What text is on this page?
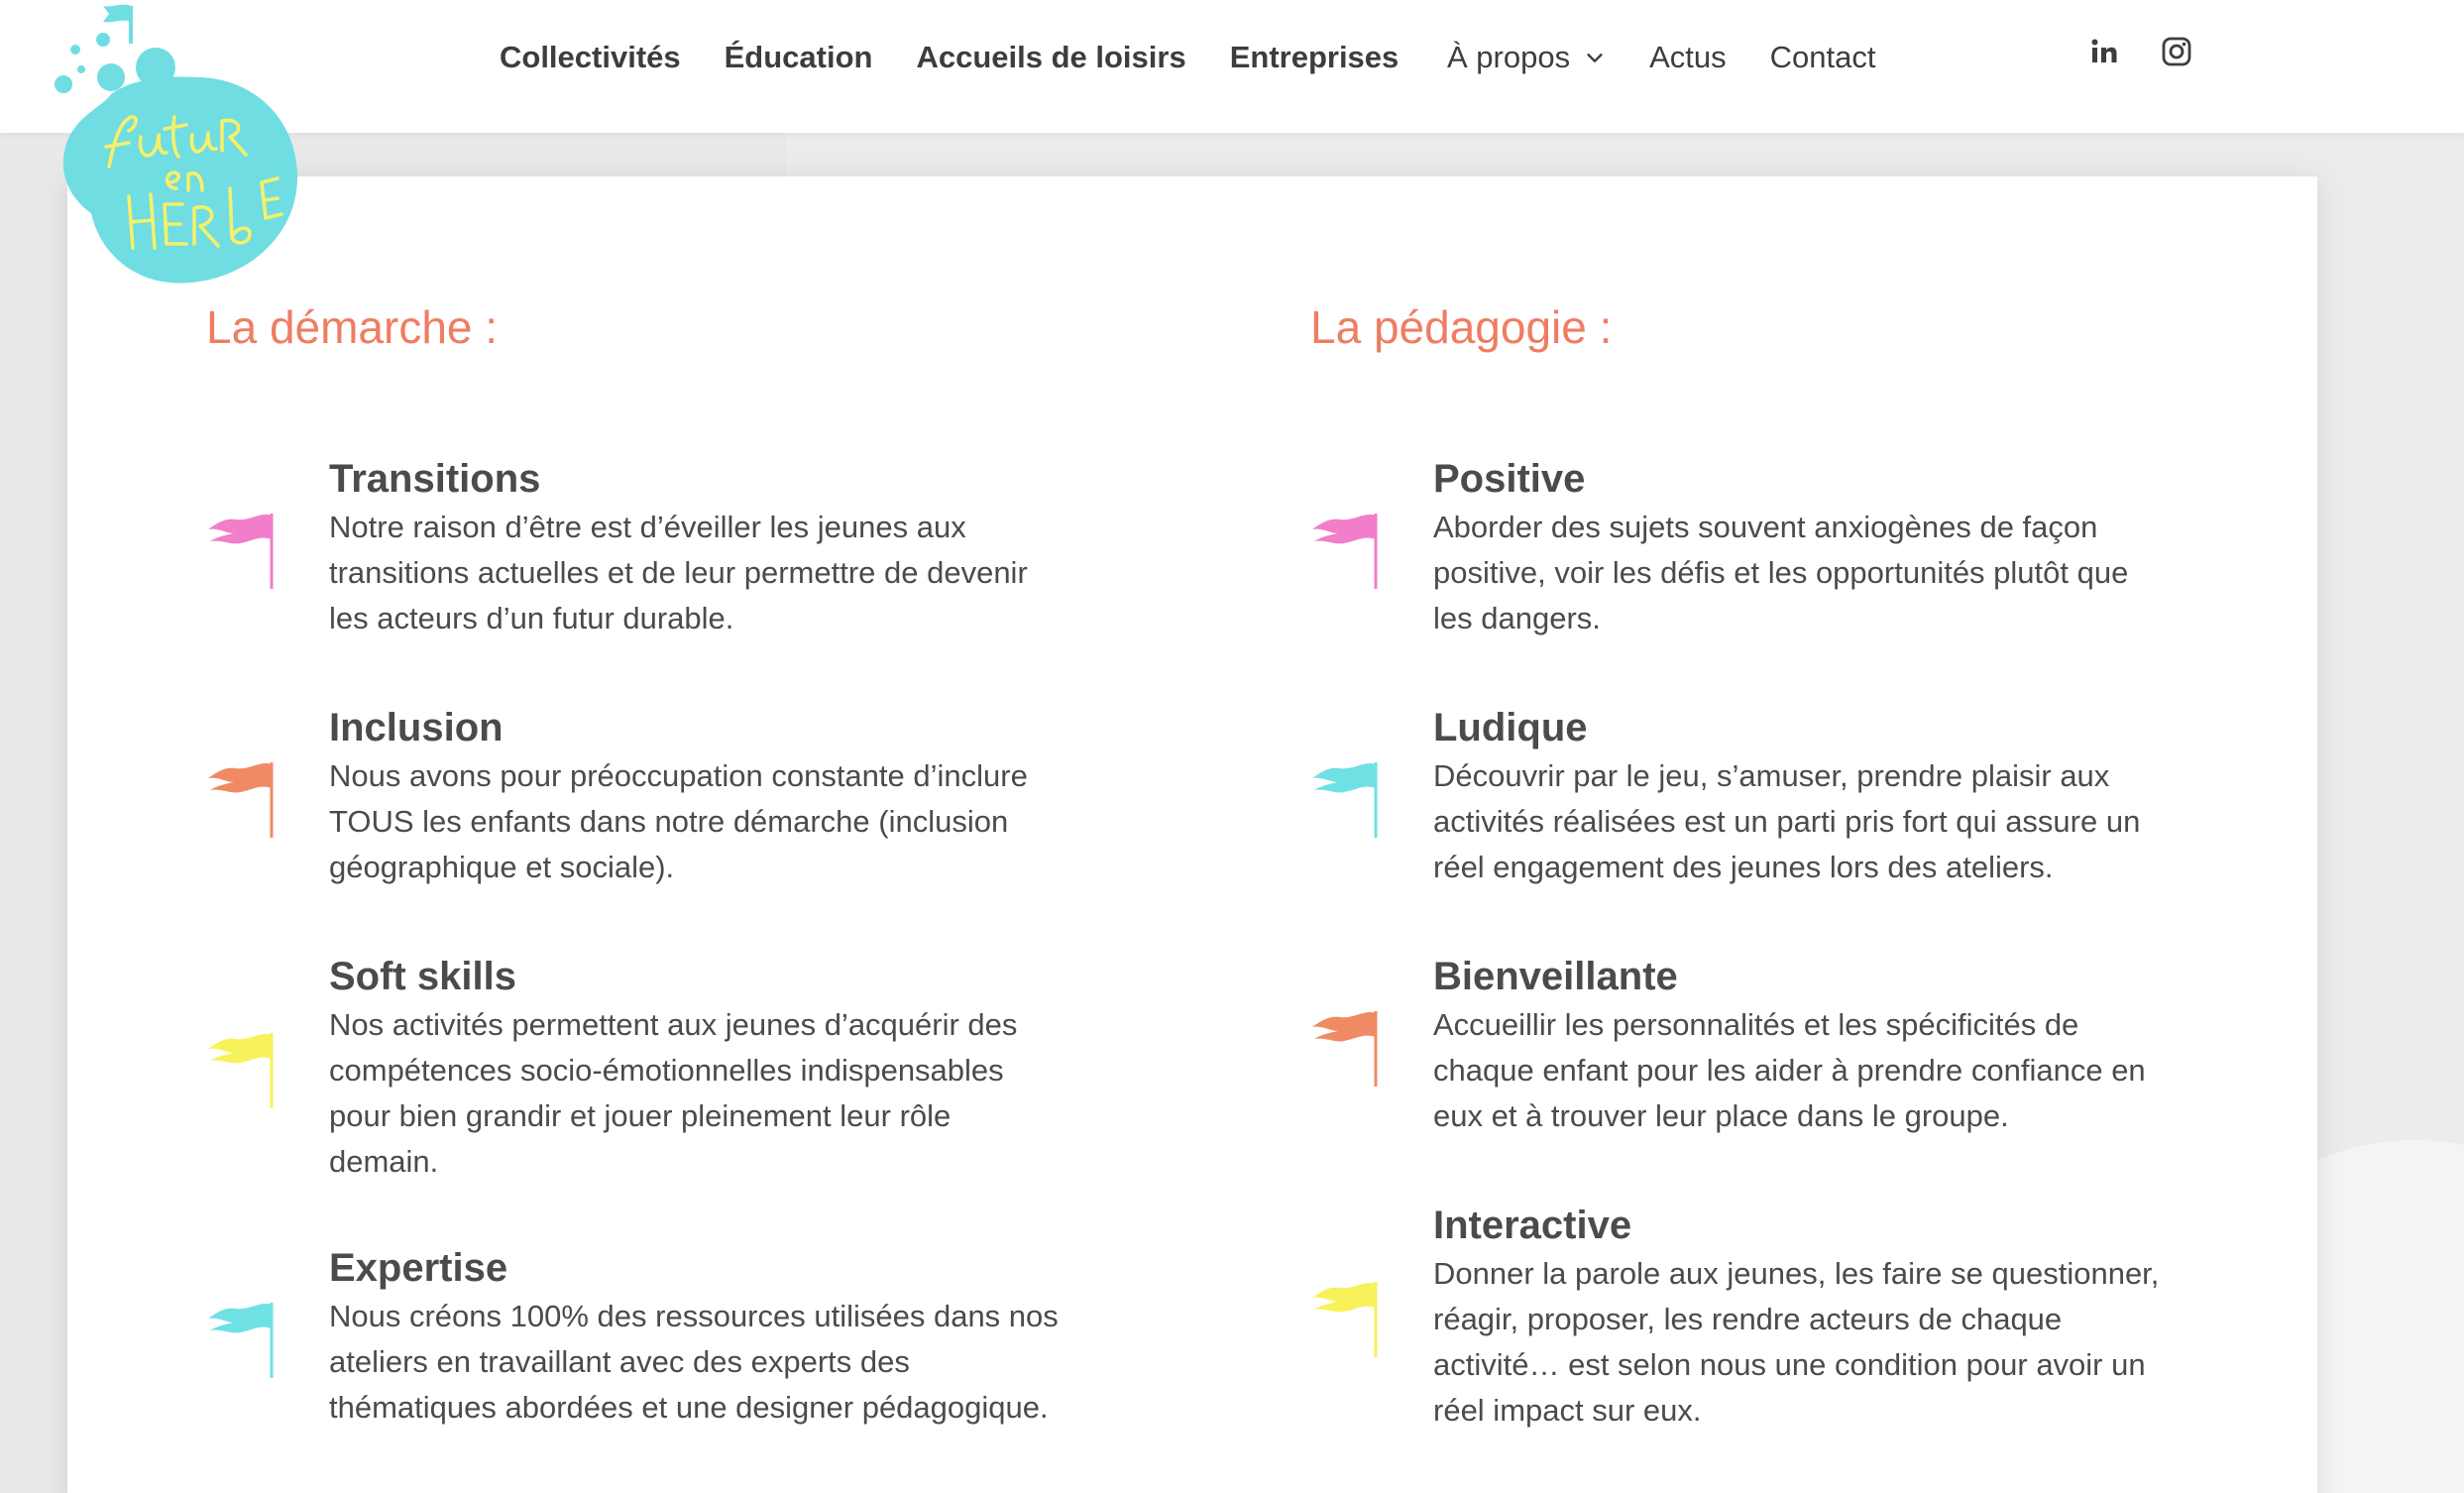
Collectivités Éducation Accueils de loisirs Entreprises À propos	Actus Contact
La démarche :
Transitions
Notre raison d’être est d’éveiller les jeunes aux
transitions actuelles et de leur permettre de devenir
les acteurs d’un futur durable.
Inclusion
Nous avons pour préoccupation constante d’inclure
TOUS les enfants dans notre démarche (inclusion
géographique et sociale).
Soft skills
Nos activités permettent aux jeunes d’acquérir des
compétences socio-émotionnelles indispensables
pour bien grandir et jouer pleinement leur rôle
demain.
Expertise
Nous créons 100% des ressources utilisées dans nos
ateliers en travaillant avec des experts des
thématiques abordées et une designer pédagogique.
La pédagogie :
Positive
Aborder des sujets souvent anxiogènes de façon
positive, voir les défis et les opportunités plutôt que
les dangers.
Ludique
Découvrir par le jeu, s’amuser, prendre plaisir aux
activités réalisées est un parti pris fort qui assure un
réel engagement des jeunes lors des ateliers.
Bienveillante
Accueillir les personnalités et les spécificités de
chaque enfant pour les aider à prendre confiance en
eux et à trouver leur place dans le groupe.
Interactive
Donner la parole aux jeunes, les faire se questionner,
réagir, proposer, les rendre acteurs de chaque
activité… est selon nous une condition pour avoir un
réel impact sur eux.
